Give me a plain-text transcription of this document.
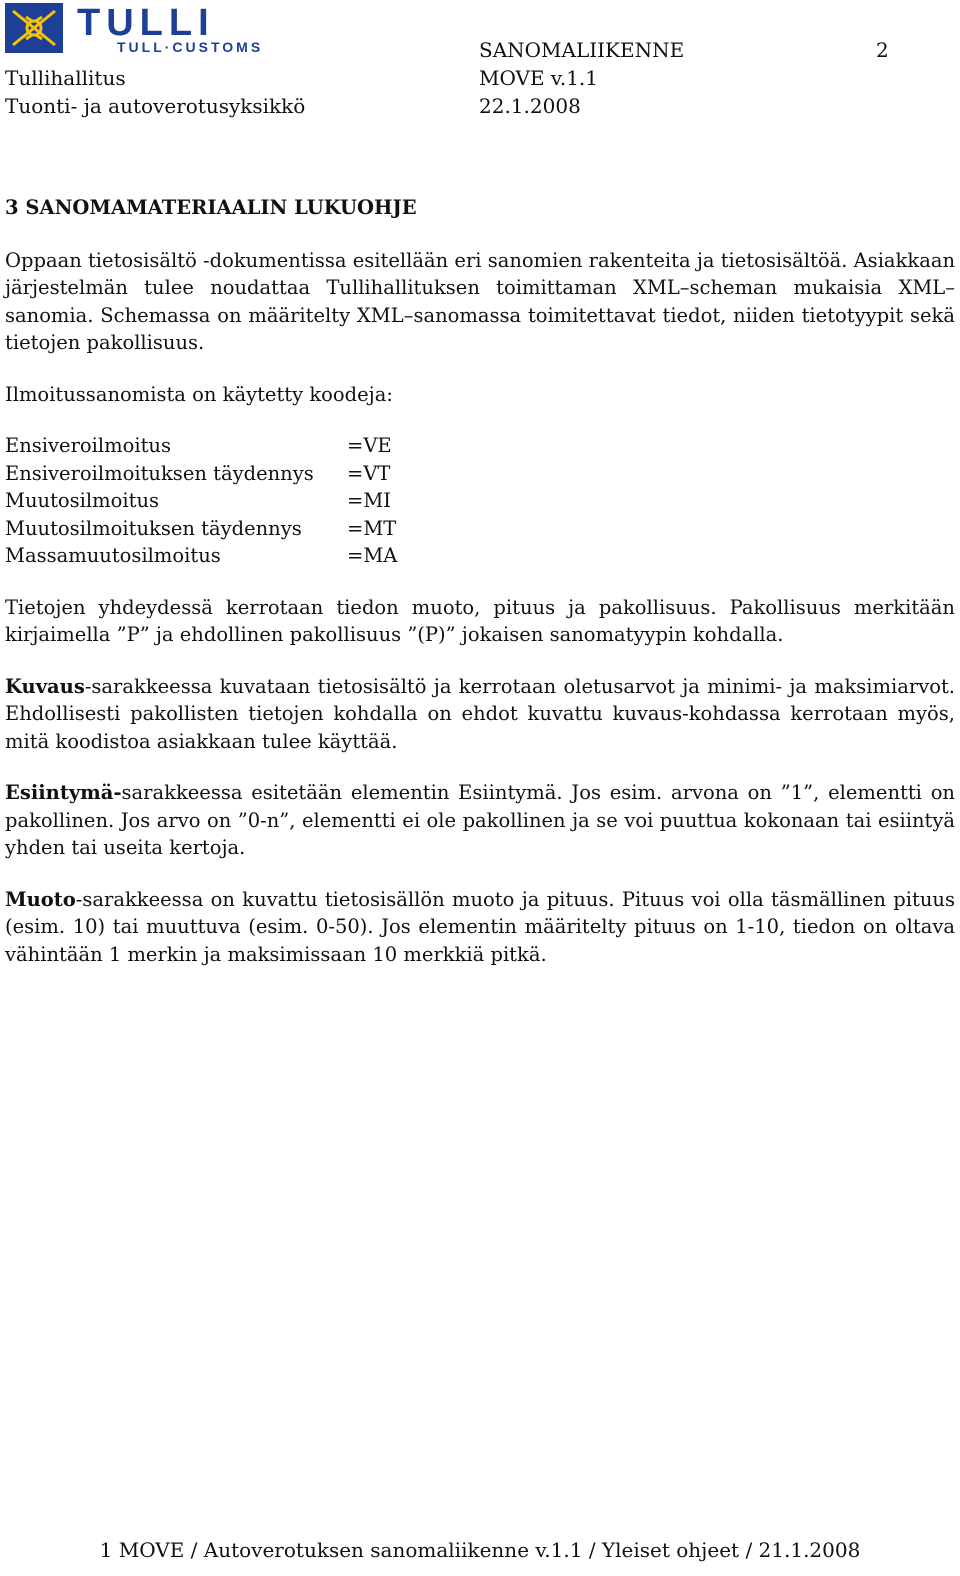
TULLI
TULL·CUSTOMS
Tullihallitus
Tuonti- ja autoverotusyksikkö
SANOMALIIKENNE
MOVE v.1.1
22.1.2008
2
3 SANOMAMATERIAALIN LUKUOHJE

Oppaan tietosisältö -dokumentissa esitellään eri sanomien rakenteita ja tietosisältöä. Asiakkaan järjestelmän tulee noudattaa Tullihallituksen toimittaman XML–scheman mukaisia XML–sanomia. Schemassa on määritelty XML–sanomassa toimitettavat tiedot, niiden tietotyypit sekä tietojen pakollisuus.

Ilmoitussanomista on käytetty koodeja:

Ensiveroilmoitus	=VE
Ensiveroilmoituksen täydennys	=VT
Muutosilmoitus	=MI
Muutosilmoituksen täydennys	=MT
Massamuutosilmoitus	=MA

Tietojen yhdeydessä kerrotaan tiedon muoto, pituus ja pakollisuus. Pakollisuus merkitään kirjaimella ”P” ja ehdollinen pakollisuus ”(P)” jokaisen sanomatyypin kohdalla.

Kuvaus-sarakkeessa kuvataan tietosisältö ja kerrotaan oletusarvot ja minimi- ja maksimiarvot. Ehdollisesti pakollisten tietojen kohdalla on ehdot kuvattu kuvaus-kohdassa kerrotaan myös, mitä koodistoa asiakkaan tulee käyttää.

Esiintymä-sarakkeessa esitetään elementin Esiintymä. Jos esim. arvona on ”1”, elementti on pakollinen. Jos arvo on ”0-n”, elementti ei ole pakollinen ja se voi puuttua kokonaan tai esiintyä yhden tai useita kertoja.

Muoto-sarakkeessa on kuvattu tietosisällön muoto ja pituus. Pituus voi olla täsmällinen pituus (esim. 10) tai muuttuva (esim. 0-50). Jos elementin määritelty pituus on 1-10, tiedon on oltava vähintään 1 merkin ja maksimissaan 10 merkkiä pitkä.

1 MOVE / Autoverotuksen sanomaliikenne v.1.1 / Yleiset ohjeet / 21.1.2008
